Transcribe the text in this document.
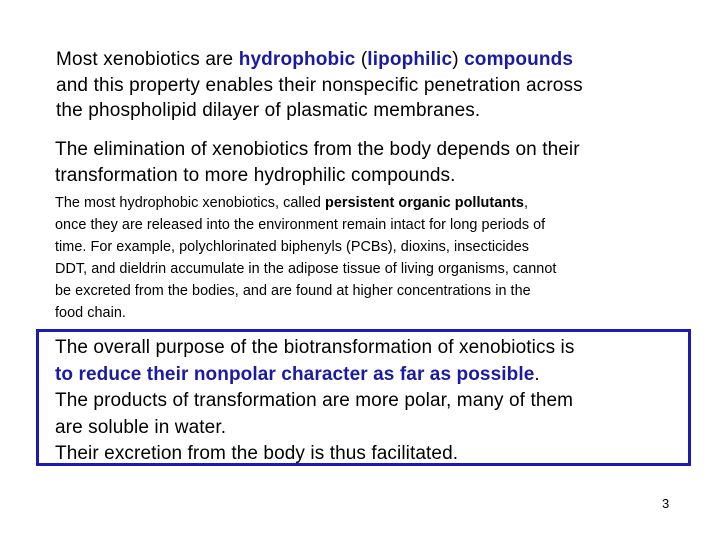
Most xenobiotics are hydrophobic (lipophilic) compounds
and this property enables their nonspecific penetration across
the phospholipid dilayer of plasmatic membranes.
The elimination of xenobiotics from the body depends on their
transformation to more hydrophilic compounds.
The most hydrophobic xenobiotics, called persistent organic pollutants,
once they are released into the environment remain intact for long periods of
time. For example, polychlorinated biphenyls (PCBs), dioxins, insecticides
DDT, and dieldrin accumulate in the adipose tissue of living organisms, cannot
be excreted from the bodies, and are found at higher concentrations in the
food chain.
The overall purpose of the biotransformation of xenobiotics is
to reduce their nonpolar character as far as possible.
The products of transformation are more polar, many of them
are soluble in water.
Their excretion from the body is thus facilitated.
3
